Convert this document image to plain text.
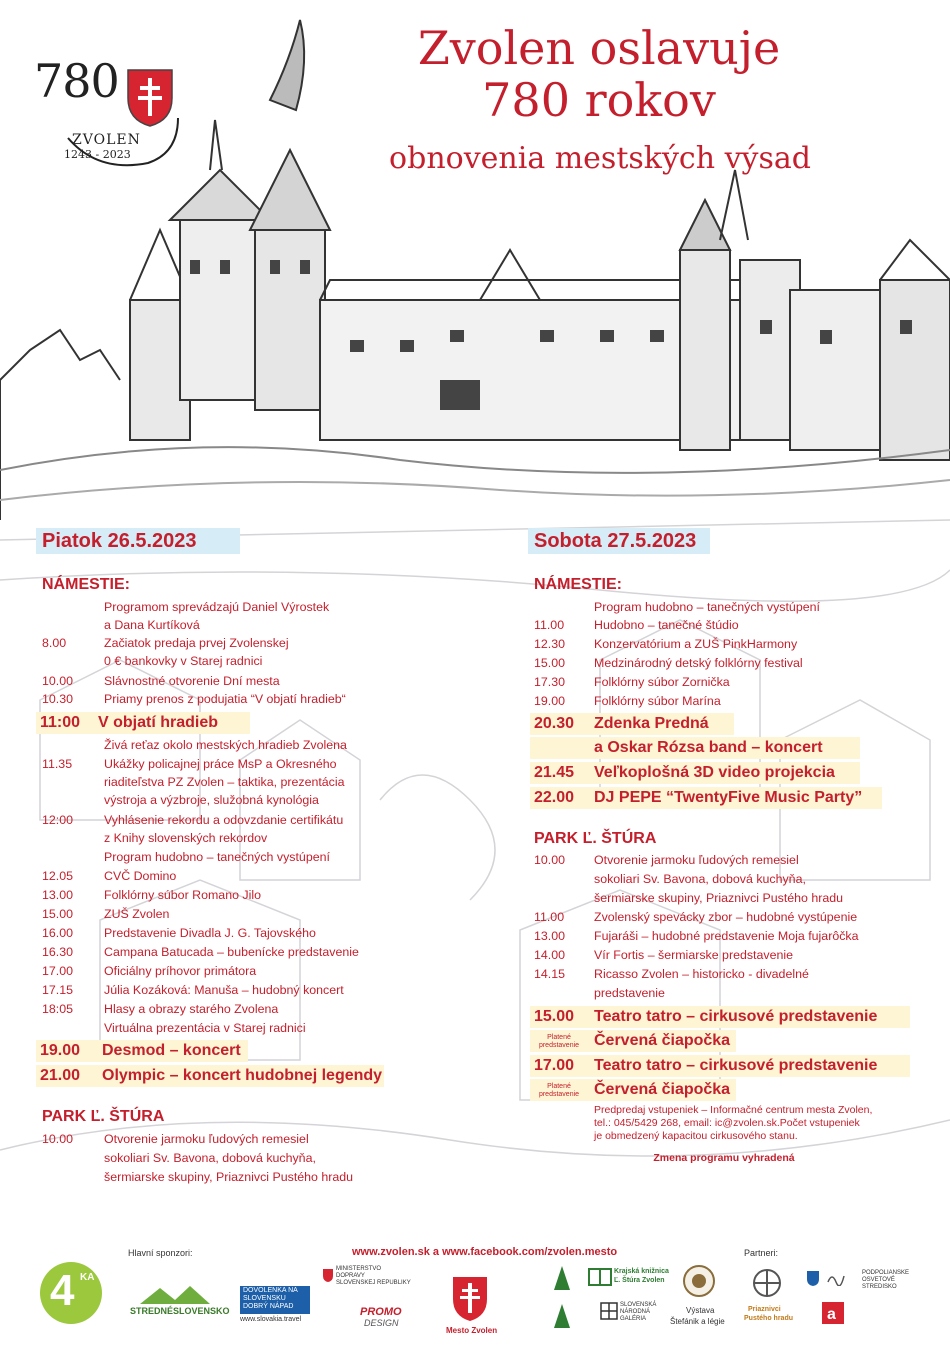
780
ZVOLEN
1243 - 2023
Zvolen oslavuje
780 rokov
obnovenia mestských výsad
Piatok 26.5.2023
NÁMESTIE:
Programom sprevádzajú Daniel Výrostek
a Dana Kurtíková
8.00	Začiatok predaja prvej Zvolenskej
0 € bankovky v Starej radnici
10.00 Slávnostné otvorenie Dní mesta
10.30 Priamy prenos z podujatia “V objatí hradieb“
11:00 V objatí hradieb
Živá reťaz okolo mestských hradieb Zvolena
11.35	Ukážky policajnej práce MsP a Okresného
riaditeľstva PZ Zvolen – taktika, prezentácia
výstroja a výzbroje, služobná kynológia
12:00 Vyhlásenie rekordu a odovzdanie certifikátu
z Knihy slovenských rekordov
Program hudobno – tanečných vystúpení
12.05 CVČ Domino
13.00 Folklórny súbor Romano Jilo
15.00 ZUŠ Zvolen
16.00 Predstavenie Divadla J. G. Tajovského
16.30 Campana Batucada – bubenícke predstavenie
17.00 Oficiálny príhovor primátora
17.15 Júlia Kozáková: Manuša – hudobný koncert
18:05 Hlasy a obrazy starého Zvolena
Virtuálna prezentácia v Starej radnici
19.00 Desmod – koncert
21.00 Olympic – koncert hudobnej legendy
PARK Ľ. ŠTÚRA
10.00 Otvorenie jarmoku ľudových remesiel
sokoliari Sv. Bavona, dobová kuchyňa,
šermiarske skupiny, Priaznivci Pustého hradu
Sobota 27.5.2023
NÁMESTIE:
Program hudobno – tanečných vystúpení
11.00 Hudobno – tanečné štúdio
12.30 Konzervatórium a ZUŠ PinkHarmony
15.00 Medzinárodný detský folklórny festival
17.30 Folklórny súbor Zornička
19.00 Folklórny súbor Marína
20.30 Zdenka Predná
a Oskar Rózsa band – koncert
21.45 Veľkoplošná 3D video projekcia
22.00 DJ PEPE “TwentyFive Music Party”
PARK Ľ. ŠTÚRA
10.00 Otvorenie jarmoku ľudových remesiel
sokoliari Sv. Bavona, dobová kuchyňa,
šermiarske skupiny, Priaznivci Pustého hradu
11.00 Zvolenský spevácky zbor – hudobné vystúpenie
13.00 Fujaráši – hudobné predstavenie Moja fujarôčka
14.00 Vír Fortis – šermiarske predstavenie
14.15 Ricasso Zvolen – historicko - divadelné
predstavenie
15.00 Teatro tatro – cirkusové predstavenie
Červená čiapočka
Platené predstavenie
17.00 Teatro tatro – cirkusové predstavenie
Červená čiapočka
Platené predstavenie
Predpredaj vstupeniek – Informačné centrum mesta Zvolen,
tel.: 045/5429 268, email: ic@zvolen.sk.Počet vstupeniek
je obmedzený kapacitou cirkusového stanu.
Zmena programu vyhradená
Hlavní sponzori:	www.zvolen.sk a www.facebook.com/zvolen.mesto	Partneri:
4 KA
STREDNÉSLOVENSKO
DOVOLENKA NA
SLOVENSKU
DOBRÝ NÁPAD
www.slovakia.travel
MINISTERSTVO
DOPRAVY
SLOVENSKEJ REPUBLIKY
PROMO
DESIGN
Mesto Zvolen
Krajská knižnica
Ľ. Štúra Zvolen
SLOVENSKÁ
NÁRODNÁ
GALÉRIA
Výstava
Štefánik a légie
Priaznivci
Pustého hradu a
PODPOLIANSKE
OSVETOVÉ
STREDISKO
